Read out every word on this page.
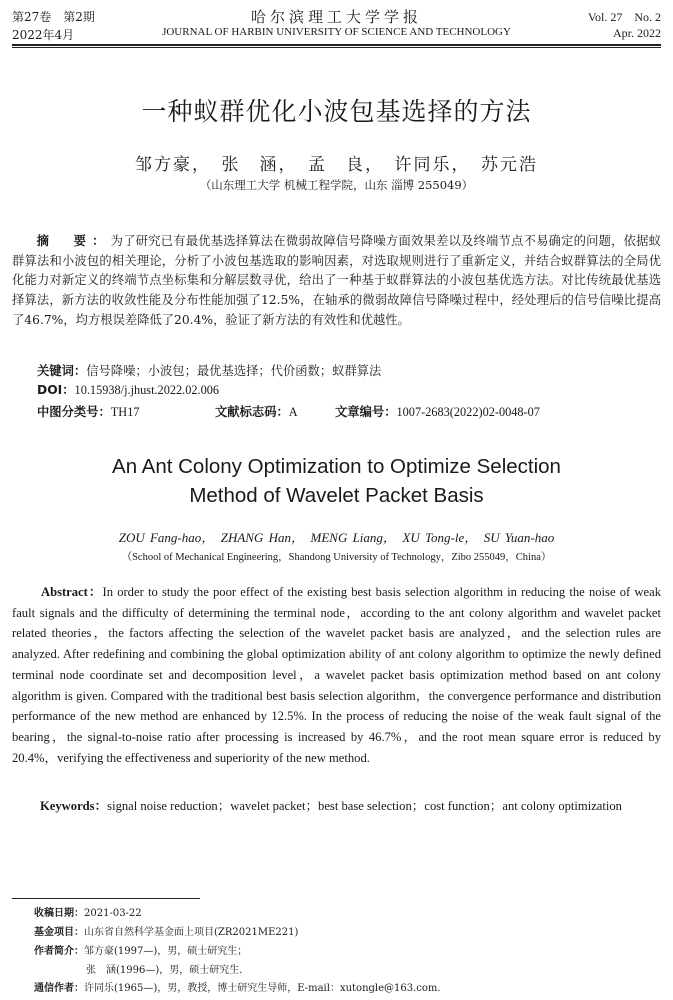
第27卷　第2期
2022年4月
哈尔滨理工大学学报
JOURNAL OF HARBIN UNIVERSITY OF SCIENCE AND TECHNOLOGY
Vol. 27　No. 2
Apr. 2022
一种蚁群优化小波包基选择的方法
邹方豪，　张　涵，　孟　良，　许同乐，　苏元浩
（山东理工大学 机械工程学院，山东 淄博 255049）
摘　要：为了研究已有最优基选择算法在微弱故障信号降噪方面效果差以及终端节点不易确定的问题，依据蚁群算法和小波包的相关理论，分析了小波包基选取的影响因素，对选取规则进行了重新定义，并结合蚁群算法的全局优化能力对新定义的终端节点坐标集和分解层数寻优，给出了一种基于蚁群算法的小波包基优选方法。对比传统最优基选择算法，新方法的收敛性能及分布性能加强了12.5%，在轴承的微弱故障信号降噪过程中，经处理后的信号信噪比提高了46.7%，均方根误差降低了20.4%，验证了新方法的有效性和优越性。
关键词：信号降噪；小波包；最优基选择；代价函数；蚁群算法
DOI：10.15938/j.jhust.2022.02.006
中图分类号：TH17	文献标志码：A	文章编号：1007-2683(2022)02-0048-07
An Ant Colony Optimization to Optimize Selection
Method of Wavelet Packet Basis
ZOU Fang-hao，　ZHANG Han，　MENG Liang，　XU Tong-le，　SU Yuan-hao
（School of Mechanical Engineering，Shandong University of Technology，Zibo 255049，China）
Abstract：In order to study the poor effect of the existing best basis selection algorithm in reducing the noise of weak fault signals and the difficulty of determining the terminal node，according to the ant colony algorithm and wavelet packet related theories，the factors affecting the selection of the wavelet packet basis are analyzed，and the selection rules are analyzed. After redefining and combining the global optimization ability of ant colony algorithm to optimize the newly defined terminal node coordinate set and decomposition level，a wavelet packet basis optimization method based on ant colony algorithm is given. Compared with the traditional best basis selection algorithm，the convergence performance and distribution performance of the new method are enhanced by 12.5%. In the process of reducing the noise of the weak fault signal of the bearing，the signal-to-noise ratio after processing is increased by 46.7%，and the root mean square error is reduced by 20.4%，verifying the effectiveness and superiority of the new method.
Keywords：signal noise reduction；wavelet packet；best base selection；cost function；ant colony optimization
收稿日期：2021-03-22
基金项目：山东省自然科学基金面上项目(ZR2021ME221)
作者简介：邹方豪(1997—)，男，硕士研究生；
张　涵(1996—)，男，硕士研究生．
通信作者：许同乐(1965—)，男，教授，博士研究生导师，E-mail：xutongle@163.com.
